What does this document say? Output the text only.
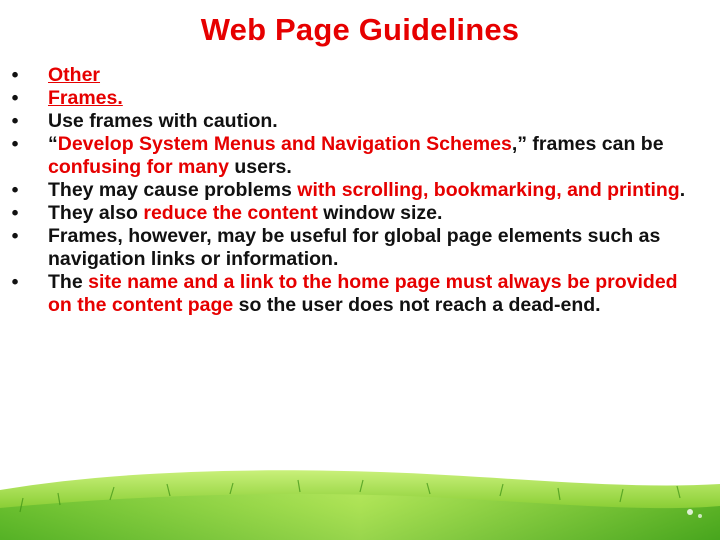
Web Page Guidelines
• Other
• Frames.
• Use frames with caution.
• “Develop System Menus and Navigation Schemes,” frames can be confusing for many users.
• They may cause problems with scrolling, bookmarking, and printing.
• They also reduce the content window size.
• Frames, however, may be useful for global page elements such as navigation links or information.
• The site name and a link to the home page must always be provided on the content page so the user does not reach a dead-end.
